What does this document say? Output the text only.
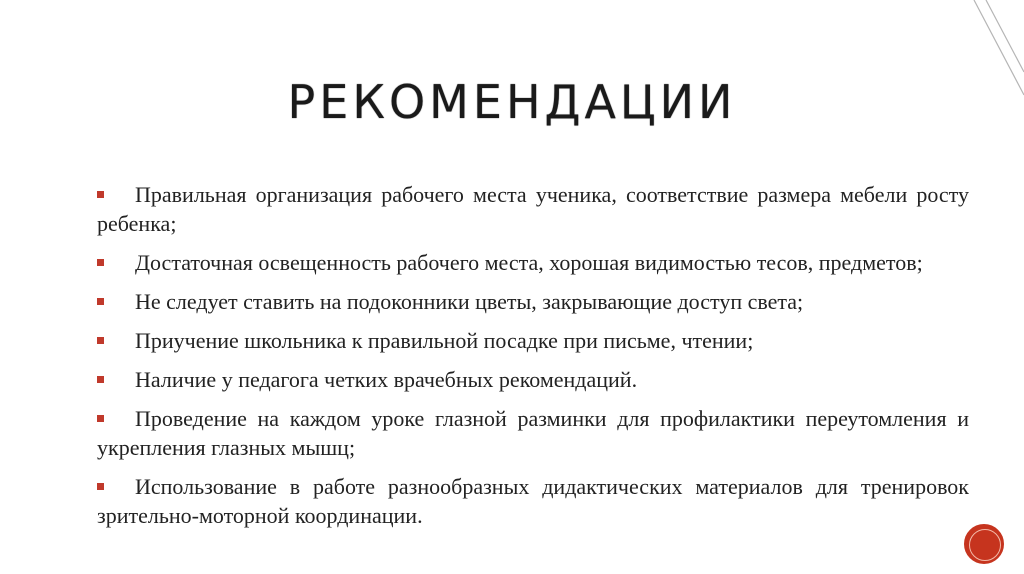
РЕКОМЕНДАЦИИ
Правильная организация рабочего места ученика, соответствие размера мебели росту ребенка;
Достаточная освещенность рабочего места, хорошая видимостью тесов, предметов;
Не следует ставить на подоконники цветы, закрывающие доступ света;
Приучение школьника к правильной посадке при письме, чтении;
Наличие у педагога четких врачебных рекомендаций.
Проведение на каждом уроке глазной разминки для профилактики переутомления и укрепления глазных мышц;
Использование в работе разнообразных дидактических материалов для тренировок зрительно-моторной координации.
